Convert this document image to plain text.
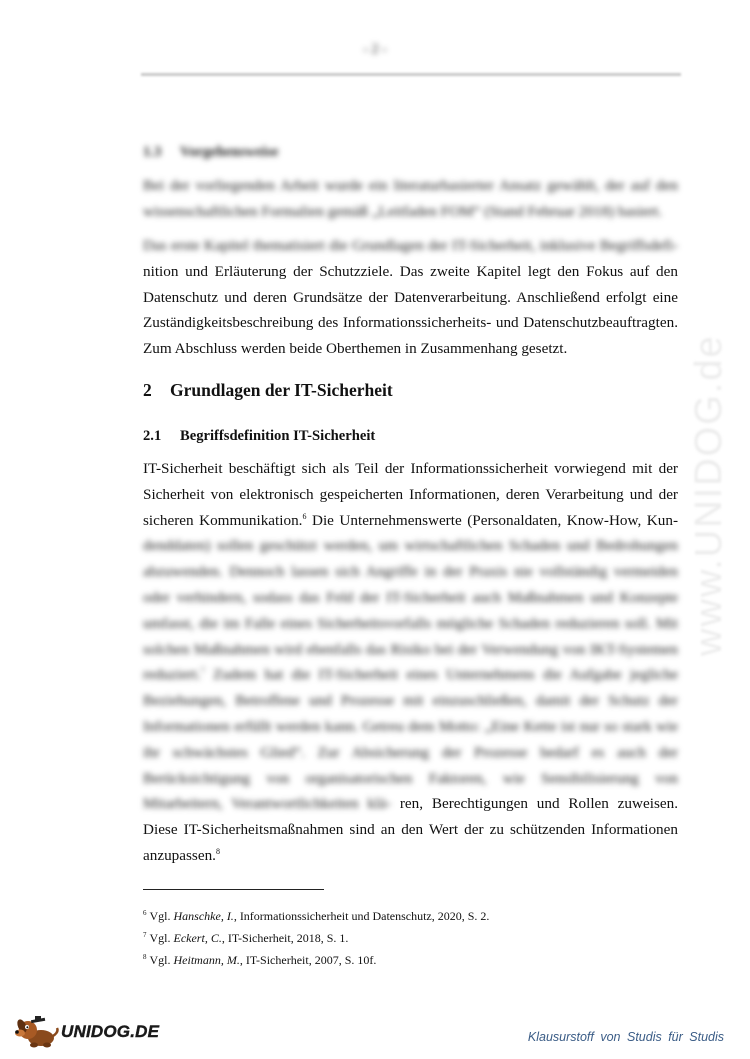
- 2 -
1.3 Vorgehensweise
Bei der vorliegenden Arbeit wurde ein literaturbasierter Ansatz gewählt, der auf den wissenschaftlichen Formalien gemäß „Leitfaden FOM“ (Stand Februar 2018) basiert.
Das erste Kapitel thematisiert die Grundlagen der IT-Sicherheit, inklusive Begriffsdefi- nition und Erläuterung der Schutzziele. Das zweite Kapitel legt den Fokus auf den Datenschutz und deren Grundsätze der Datenverarbeitung. Anschließend erfolgt eine Zuständigkeitsbeschreibung des Informationssicherheits- und Datenschutzbeauftragten. Zum Abschluss werden beide Oberthemen in Zusammenhang gesetzt.
2 Grundlagen der IT-Sicherheit
2.1 Begriffsdefinition IT-Sicherheit
IT-Sicherheit beschäftigt sich als Teil der Informationssicherheit vorwiegend mit der Sicherheit von elektronisch gespeicherten Informationen, deren Verarbeitung und der sicheren Kommunikation.$^6$ Die Unternehmenswerte (Personaldaten, Know-How, Kun- denddaten) sollen geschützt werden, um wirtschaftlichen Schaden und Bedrohungen abzuwenden. Dennoch lassen sich Angriffe in der Praxis nie vollständig vermeiden oder verhindern, sodass das Feld der IT-Sicherheit auch Maßnahmen und Konzepte umfasst, die im Falle eines Sicherheitsvorfalls mögliche Schaden reduzieren soll. Mit solchen Maßnahmen wird ebenfalls das Risiko bei der Verwendung von IKT-Systemen reduziert.$^7$ Zudem hat die IT-Sicherheit eines Unternehmens die Aufgabe jegliche Beziehungen, Betroffene und Prozesse mit einzuschließen, damit der Schutz der Informationen erfüllt werden kann. Getreu dem Motto: „Eine Kette ist nur so stark wie ihr schwächstes Glied“. Zur Absicherung der Prozesse bedarf es auch der Berücksichtigung von organisatorischen Faktoren, wie Sensibilisierung von Mitarbeitern, Verantwortlichkeiten klä- ren, Berechtigungen und Rollen zuweisen. Diese IT-Sicherheitsmaßnahmen sind an den Wert der zu schützenden Informationen anzupassen.$^8$
$^6$ Vgl. Hanschke, I., Informationssicherheit und Datenschutz, 2020, S. 2.
$^7$ Vgl. Eckert, C., IT-Sicherheit, 2018, S. 1.
$^8$ Vgl. Heitmann, M., IT-Sicherheit, 2007, S. 10f.
www.UNIDOG.de
UNIDOG.DE	Klausurstoff von Studis für Studis
